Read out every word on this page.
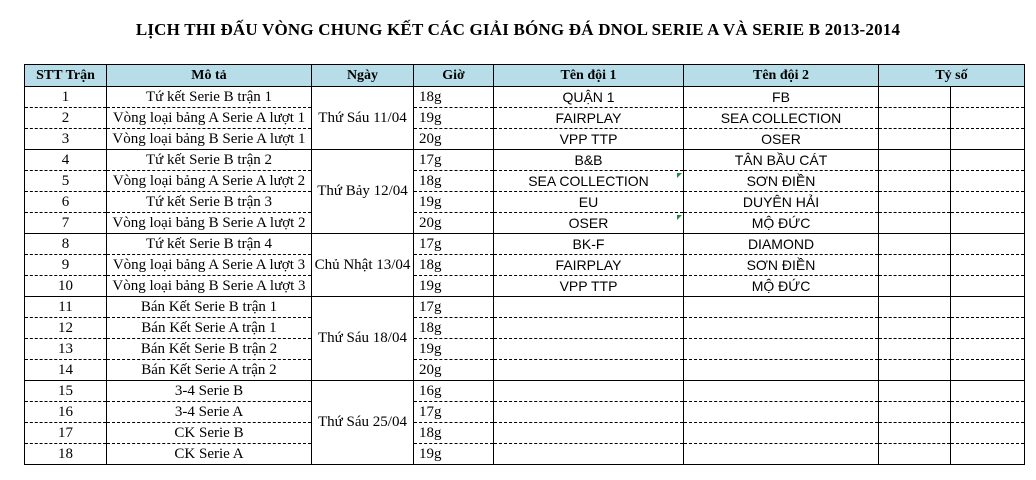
LỊCH THI ĐẤU VÒNG CHUNG KẾT CÁC GIẢI BÓNG ĐÁ DNOL SERIE A VÀ SERIE B 2013-2014
STT Trận	Mô tả	Ngày	Giờ	Tên đội 1	Tên đội 2	Tỷ số	
1	Tứ kết Serie B trận 1	Thứ Sáu 11/04	18g	QUẬN 1	FB		
2	Vòng loại bảng A Serie A lượt 1		19g	FAIRPLAY	SEA COLLECTION		
3	Vòng loại bảng B Serie A lượt 1		20g	VPP TTP	OSER		
4	Tứ kết Serie B trận 2	Thứ Bảy 12/04	17g	B&B	TÂN BẦU CÁT		
5	Vòng loại bảng A Serie A lượt 2		18g	SEA COLLECTION	SƠN ĐIỀN		
6	Tứ kết Serie B trận 3		19g	EU	DUYÊN HẢI		
7	Vòng loại bảng B Serie A lượt 2		20g	OSER	MỘ ĐỨC		
8	Tứ kết Serie B trận 4	Chủ Nhật 13/04	17g	BK-F	DIAMOND		
9	Vòng loại bảng A Serie A lượt 3		18g	FAIRPLAY	SƠN ĐIỀN		
10	Vòng loại bảng B Serie A lượt 3		19g	VPP TTP	MỘ ĐỨC		
11	Bán Kết Serie B trận 1	Thứ Sáu 18/04	17g				
12	Bán Kết Serie A trận 1		18g				
13	Bán Kết Serie B trận 2		19g				
14	Bán Kết Serie A trận 2		20g				
15	3-4 Serie B	Thứ Sáu 25/04	16g				
16	3-4 Serie A		17g				
17	CK Serie B		18g				
18	CK Serie A		19g				
